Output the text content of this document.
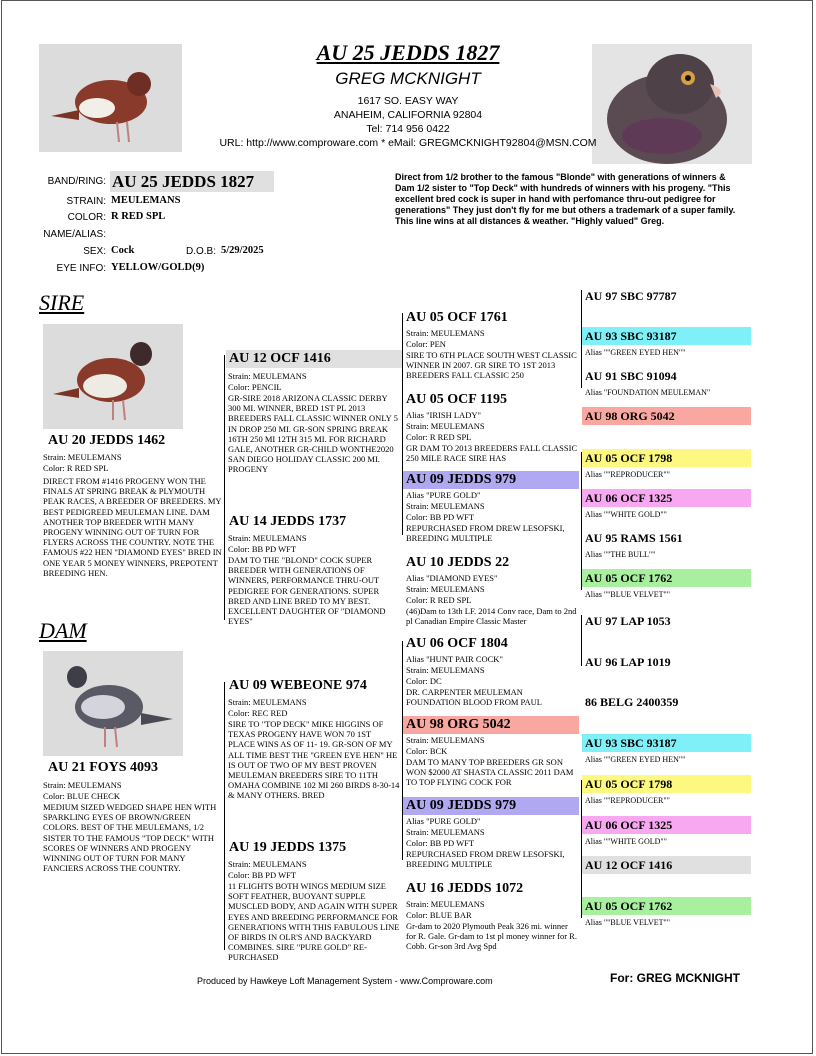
AU 25 JEDDS 1827
GREG MCKNIGHT
1617 SO. EASY WAY
ANAHEIM, CALIFORNIA 92804
Tel: 714 956 0422
URL: http://www.comproware.com * eMail: GREGMCKNIGHT92804@MSN.COM
BAND/RING: AU 25 JEDDS 1827
STRAIN: MEULEMANS
COLOR: R RED SPL
NAME/ALIAS:
SEX: Cock	D.O.B: 5/29/2025
EYE INFO: YELLOW/GOLD(9)
Direct from 1/2 brother to the famous "Blonde" with generations of winners & Dam 1/2 sister to "Top Deck" with hundreds of winners with his progeny. "This excellent bred cock is super in hand with perfomance thru-out pedigree for generations" They just don't fly for me but others a trademark of a super family. This line wins at all distances & weather. "Highly valued" Greg.
SIRE
AU 20 JEDDS 1462
Strain: MEULEMANS
Color: R RED SPL
DIRECT FROM #1416 PROGENY WON THE FINALS AT SPRING BREAK & PLYMOUTH PEAK RACES, A BREEDER OF BREEDERS. MY BEST PEDIGREED MEULEMAN LINE. DAM ANOTHER TOP BREEDER WITH MANY PROGENY WINNING OUT OF TURN FOR FLYERS ACROSS THE COUNTRY. NOTE THE FAMOUS #22 HEN "DIAMOND EYES" BRED IN ONE YEAR 5 MONEY WINNERS, PREPOTENT BREEDING HEN.
DAM
AU 21 FOYS 4093
Strain: MEULEMANS
Color: BLUE CHECK
MEDIUM SIZED WEDGED SHAPE HEN WITH SPARKLING EYES OF BROWN/GREEN COLORS. BEST OF THE MEULEMANS, 1/2 SISTER TO THE FAMOUS "TOP DECK" WITH SCORES OF WINNERS AND PROGENY WINNING OUT OF TURN FOR MANY FANCIERS ACROSS THE COUNTRY.
AU 12 OCF 1416
Strain: MEULEMANS
Color: PENCIL
GR-SIRE 2018 ARIZONA CLASSIC DERBY 300 MI. WINNER, BRED 1ST PL 2013 BREEDERS FALL CLASSIC WINNER ONLY 5 IN DROP 250 MI. GR-SON SPRING BREAK 16TH 250 MI 12TH 315 MI. FOR RICHARD GALE, ANOTHER GR-CHILD WONTHE2020 SAN DIEGO HOLIDAY CLASSIC 200 MI. PROGENY
AU 14 JEDDS 1737
Strain: MEULEMANS
Color: BB PD WFT
DAM TO THE "BLOND" COCK SUPER BREEDER WITH GENERATIONS OF WINNERS, PERFORMANCE THRU-OUT PEDIGREE FOR GENERATIONS. SUPER BRED AND LINE BRED TO MY BEST. EXCELLENT DAUGHTER OF "DIAMOND EYES"
AU 09 WEBEONE 974
Strain: MEULEMANS
Color: REC RED
SIRE TO "TOP DECK" MIKE HIGGINS OF TEXAS PROGENY HAVE WON 70 1ST PLACE WINS AS OF 11- 19. GR-SON OF MY ALL TIME BEST THE "GREEN EYE HEN" HE IS OUT OF TWO OF MY BEST PROVEN MEULEMAN BREEDERS SIRE TO 11TH OMAHA COMBINE 102 MI 260 BIRDS 8-30-14 & MANY OTHERS. BRED
AU 19 JEDDS 1375
Strain: MEULEMANS
Color: BB PD WFT
11 FLIGHTS BOTH WINGS MEDIUM SIZE SOFT FEATHER, BUOYANT SUPPLE MUSCLED BODY, AND AGAIN WITH SUPER EYES AND BREEDING PERFORMANCE FOR GENERATIONS WITH THIS FABULOUS LINE OF BIRDS IN OLR'S AND BACKYARD COMBINES. SIRE "PURE GOLD" RE-PURCHASED
AU 05 OCF 1761
Strain: MEULEMANS
Color: PEN
SIRE TO 6TH PLACE SOUTH WEST CLASSIC WINNER IN 2007. GR SIRE TO 1ST 2013 BREEDERS FALL CLASSIC 250
AU 05 OCF 1195
Alias "IRISH LADY"
Strain: MEULEMANS
Color: R RED SPL
GR DAM TO 2013 BREEDERS FALL CLASSIC 250 MILE RACE SIRE HAS
AU 09 JEDDS 979
Alias "PURE GOLD"
Strain: MEULEMANS
Color: BB PD WFT
REPURCHASED FROM DREW LESOFSKI, BREEDING MULTIPLE
AU 10 JEDDS 22
Alias "DIAMOND EYES"
Strain: MEULEMANS
Color: R RED SPL
(46)Dam to 13th LF. 2014 Conv race, Dam to 2nd pl Canadian Empire Classic Master
AU 06 OCF 1804
Alias "HUNT PAIR COCK"
Strain: MEULEMANS
Color: DC
DR. CARPENTER MEULEMAN FOUNDATION BLOOD FROM PAUL
AU 98 ORG 5042
Strain: MEULEMANS
Color: BCK
DAM TO MANY TOP BREEDERS GR SON WON $2000 AT SHASTA CLASSIC 2011 DAM TO TOP FLYING COCK FOR
AU 09 JEDDS 979
Alias "PURE GOLD"
Strain: MEULEMANS
Color: BB PD WFT
REPURCHASED FROM DREW LESOFSKI, BREEDING MULTIPLE
AU 16 JEDDS 1072
Strain: MEULEMANS
Color: BLUE BAR
Gr-dam to 2020 Plymouth Peak 326 mi. winner for R. Gale. Gr-dam to 1st pl money winner for R. Cobb. Gr-son 3rd Avg Spd
AU 97 SBC 97787
AU 93 SBC 93187
Alias ""GREEN EYED HEN""
AU 91 SBC 91094
Alias "FOUNDATION MEULEMAN"
AU 98 ORG 5042
AU 05 OCF 1798
Alias ""REPRODUCER""
AU 06 OCF 1325
Alias ""WHITE GOLD""
AU 95 RAMS 1561
Alias ""THE BULL""
AU 05 OCF 1762
Alias ""BLUE VELVET""
AU 97 LAP 1053
AU 96 LAP 1019
86 BELG 2400359
AU 93 SBC 93187
Alias ""GREEN EYED HEN""
AU 05 OCF 1798
Alias ""REPRODUCER""
AU 06 OCF 1325
Alias ""WHITE GOLD""
AU 12 OCF 1416
AU 05 OCF 1762
Alias ""BLUE VELVET""
Produced by Hawkeye Loft Management System - www.Comproware.com	For: GREG MCKNIGHT
